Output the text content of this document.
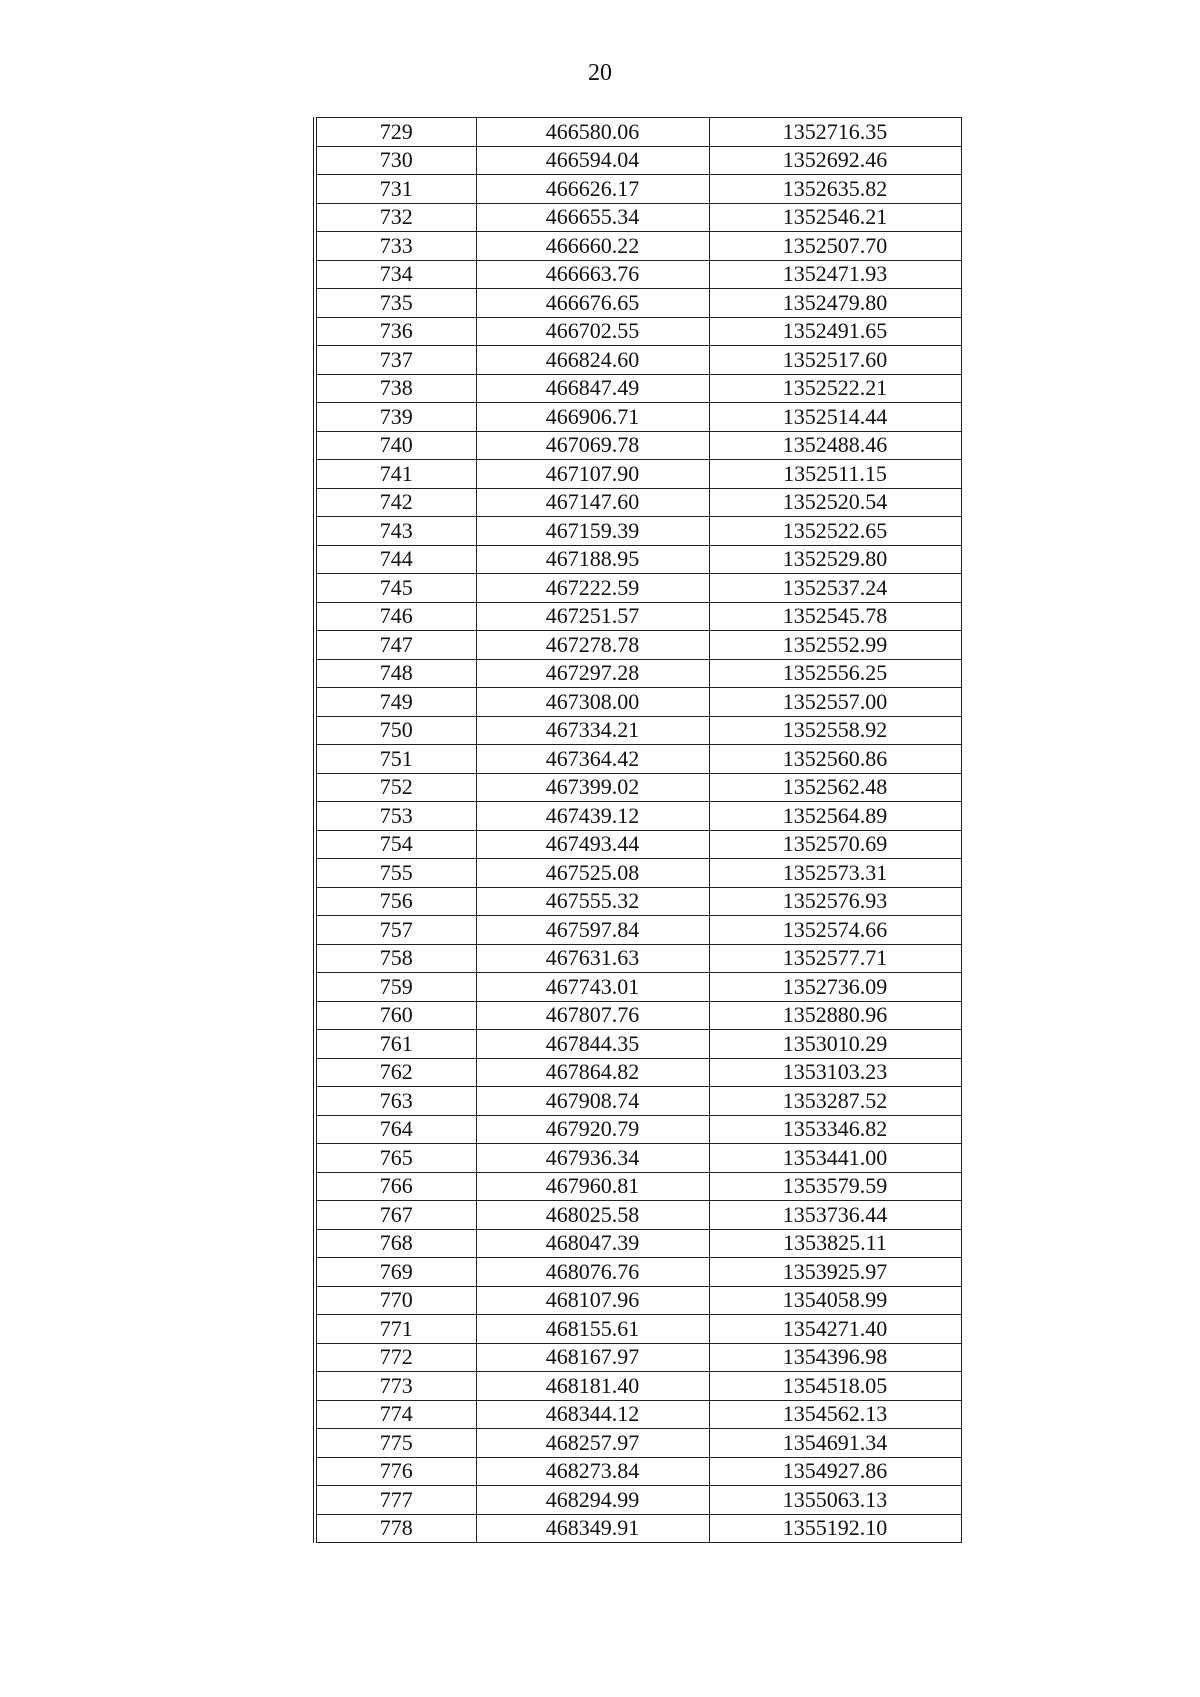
20
729	466580.06	1352716.35
730	466594.04	1352692.46
731	466626.17	1352635.82
732	466655.34	1352546.21
733	466660.22	1352507.70
734	466663.76	1352471.93
735	466676.65	1352479.80
736	466702.55	1352491.65
737	466824.60	1352517.60
738	466847.49	1352522.21
739	466906.71	1352514.44
740	467069.78	1352488.46
741	467107.90	1352511.15
742	467147.60	1352520.54
743	467159.39	1352522.65
744	467188.95	1352529.80
745	467222.59	1352537.24
746	467251.57	1352545.78
747	467278.78	1352552.99
748	467297.28	1352556.25
749	467308.00	1352557.00
750	467334.21	1352558.92
751	467364.42	1352560.86
752	467399.02	1352562.48
753	467439.12	1352564.89
754	467493.44	1352570.69
755	467525.08	1352573.31
756	467555.32	1352576.93
757	467597.84	1352574.66
758	467631.63	1352577.71
759	467743.01	1352736.09
760	467807.76	1352880.96
761	467844.35	1353010.29
762	467864.82	1353103.23
763	467908.74	1353287.52
764	467920.79	1353346.82
765	467936.34	1353441.00
766	467960.81	1353579.59
767	468025.58	1353736.44
768	468047.39	1353825.11
769	468076.76	1353925.97
770	468107.96	1354058.99
771	468155.61	1354271.40
772	468167.97	1354396.98
773	468181.40	1354518.05
774	468344.12	1354562.13
775	468257.97	1354691.34
776	468273.84	1354927.86
777	468294.99	1355063.13
778	468349.91	1355192.10
